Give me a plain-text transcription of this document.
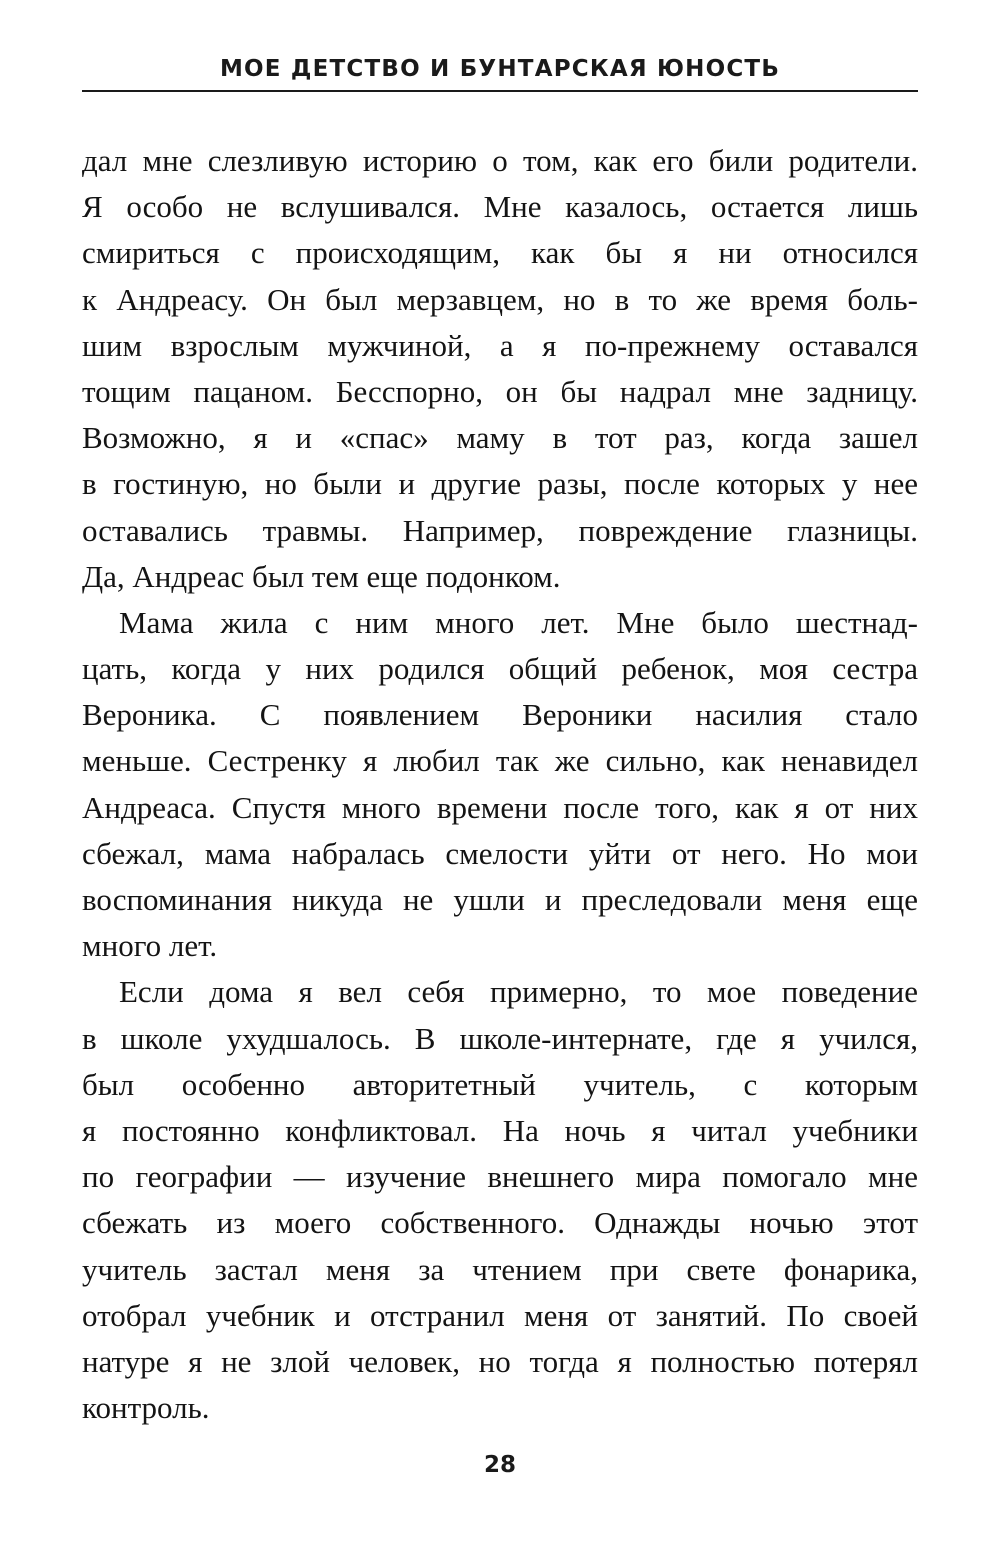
МОЕ ДЕТСТВО И БУНТАРСКАЯ ЮНОСТЬ
дал мне слезливую историю о том, как его били родители.
Я особо не вслушивался. Мне казалось, остается лишь
смириться с происходящим, как бы я ни относился
к Андреасу. Он был мерзавцем, но в то же время боль-
шим взрослым мужчиной, а я по-прежнему оставался
тощим пацаном. Бесспорно, он бы надрал мне задницу.
Возможно, я и «спас» маму в тот раз, когда зашел
в гостиную, но были и другие разы, после которых у нее
оставались травмы. Например, повреждение глазницы.
Да, Андреас был тем еще подонком.
Мама жила с ним много лет. Мне было шестнад-
цать, когда у них родился общий ребенок, моя сестра
Вероника. С появлением Вероники насилия стало
меньше. Сестренку я любил так же сильно, как ненавидел
Андреаса. Спустя много времени после того, как я от них
сбежал, мама набралась смелости уйти от него. Но мои
воспоминания никуда не ушли и преследовали меня еще
много лет.
Если дома я вел себя примерно, то мое поведение
в школе ухудшалось. В школе-интернате, где я учился,
был особенно авторитетный учитель, с которым
я постоянно конфликтовал. На ночь я читал учебники
по географии — изучение внешнего мира помогало мне
сбежать из моего собственного. Однажды ночью этот
учитель застал меня за чтением при свете фонарика,
отобрал учебник и отстранил меня от занятий. По своей
натуре я не злой человек, но тогда я полностью потерял
контроль.
28
